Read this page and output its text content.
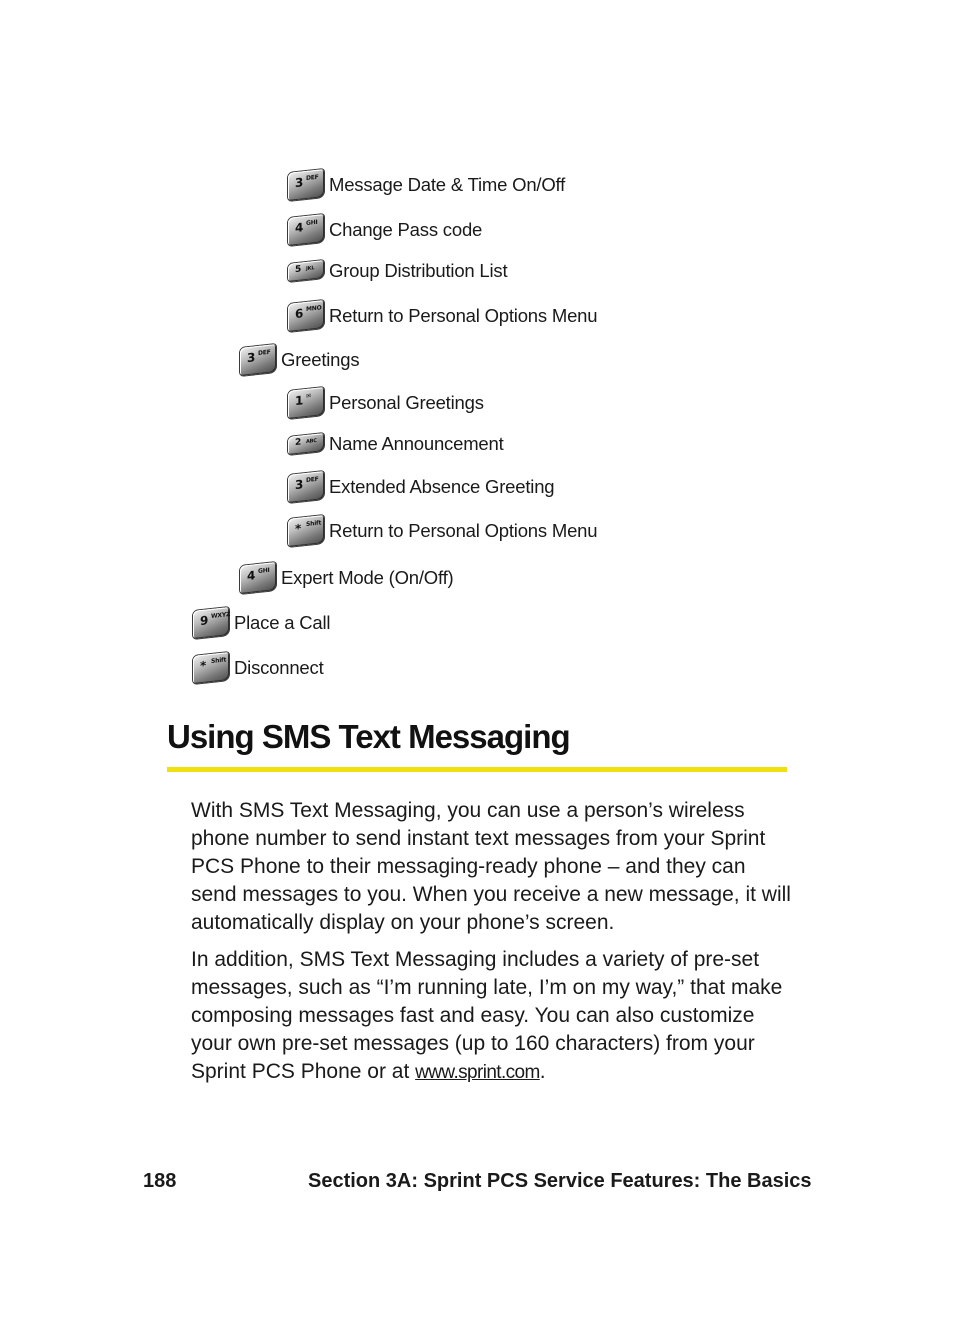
3 DEF Message Date & Time On/Off
4 GHI Change Pass code
5 JKL Group Distribution List
6 MNO Return to Personal Options Menu
3 DEF Greetings
1 ✉ Personal Greetings
2 ABC Name Announcement
3 DEF Extended Absence Greeting
* Shift Return to Personal Options Menu
4 GHI Expert Mode (On/Off)
9 WXYZ Place a Call
* Shift Disconnect
Using SMS Text Messaging

With SMS Text Messaging, you can use a person’s wireless phone number to send instant text messages from your Sprint PCS Phone to their messaging-ready phone – and they can send messages to you. When you receive a new message, it will automatically display on your phone’s screen.

In addition, SMS Text Messaging includes a variety of pre-set messages, such as “I’m running late, I’m on my way,” that make composing messages fast and easy. You can also customize your own pre-set messages (up to 160 characters) from your Sprint PCS Phone or at www.sprint.com.

188	Section 3A: Sprint PCS Service Features: The Basics
